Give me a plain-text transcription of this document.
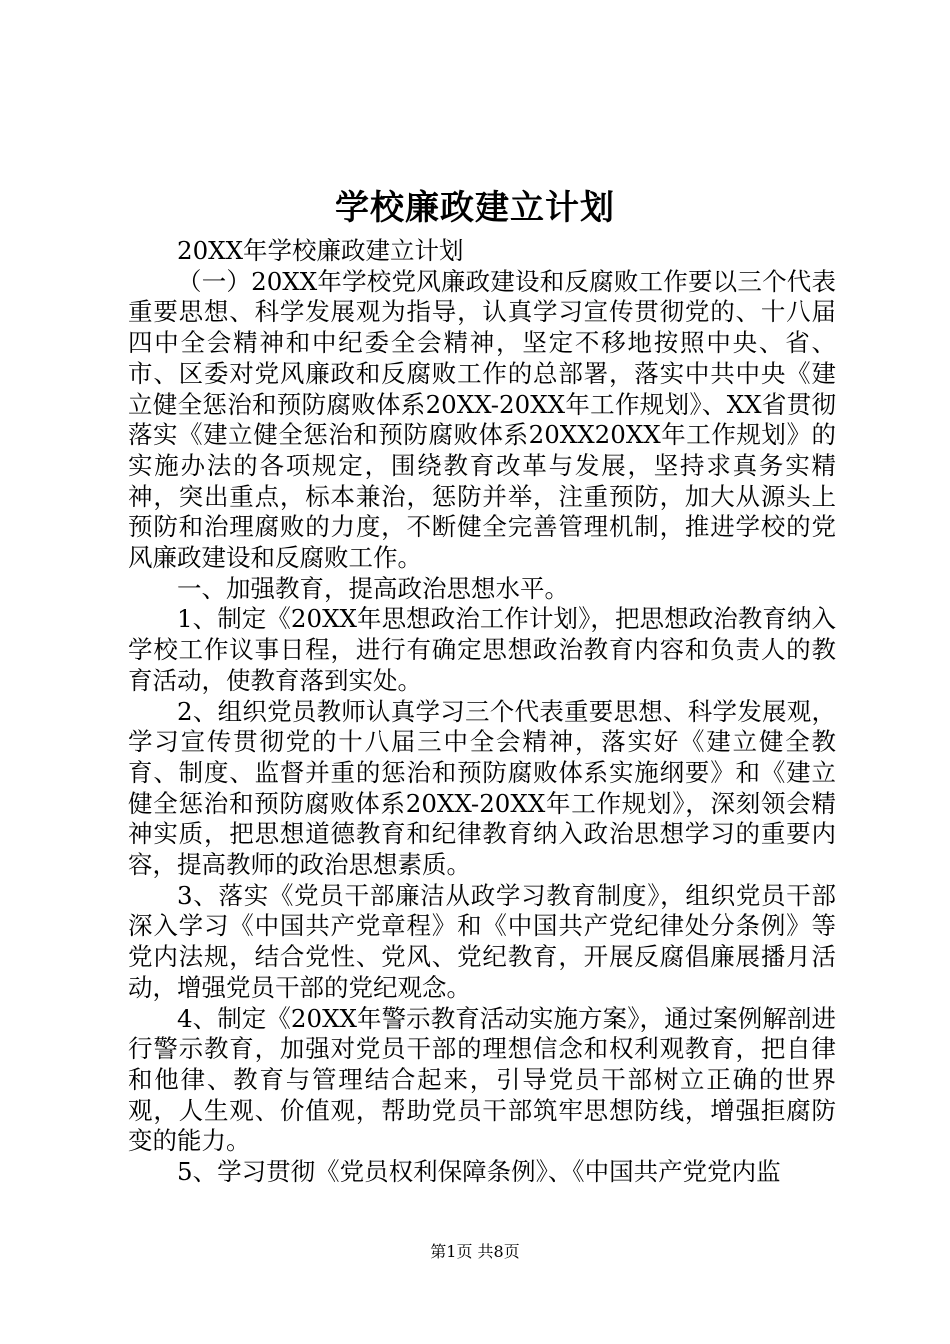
学校廉政建立计划

20XX年学校廉政建立计划

（一）20XX年学校党风廉政建设和反腐败工作要以三个代表重要思想、科学发展观为指导，认真学习宣传贯彻党的、十八届四中全会精神和中纪委全会精神，坚定不移地按照中央、省、市、区委对党风廉政和反腐败工作的总部署，落实中共中央《建立健全惩治和预防腐败体系20XX-20XX年工作规划》、XX省贯彻落实《建立健全惩治和预防腐败体系20XX20XX年工作规划》的实施办法的各项规定，围绕教育改革与发展，坚持求真务实精神，突出重点，标本兼治，惩防并举，注重预防，加大从源头上预防和治理腐败的力度，不断健全完善管理机制，推进学校的党风廉政建设和反腐败工作。

一、加强教育，提高政治思想水平。

1、制定《20XX年思想政治工作计划》，把思想政治教育纳入学校工作议事日程，进行有确定思想政治教育内容和负责人的教育活动，使教育落到实处。

2、组织党员教师认真学习三个代表重要思想、科学发展观，学习宣传贯彻党的十八届三中全会精神，落实好《建立健全教育、制度、监督并重的惩治和预防腐败体系实施纲要》和《建立健全惩治和预防腐败体系20XX-20XX年工作规划》，深刻领会精神实质，把思想道德教育和纪律教育纳入政治思想学习的重要内容，提高教师的政治思想素质。

3、落实《党员干部廉洁从政学习教育制度》，组织党员干部深入学习《中国共产党章程》和《中国共产党纪律处分条例》等党内法规，结合党性、党风、党纪教育，开展反腐倡廉展播月活动，增强党员干部的党纪观念。

4、制定《20XX年警示教育活动实施方案》，通过案例解剖进行警示教育，加强对党员干部的理想信念和权利观教育，把自律和他律、教育与管理结合起来，引导党员干部树立正确的世界观，人生观、价值观，帮助党员干部筑牢思想防线，增强拒腐防变的能力。

5、学习贯彻《党员权利保障条例》、《中国共产党党内监

第1页 共8页
